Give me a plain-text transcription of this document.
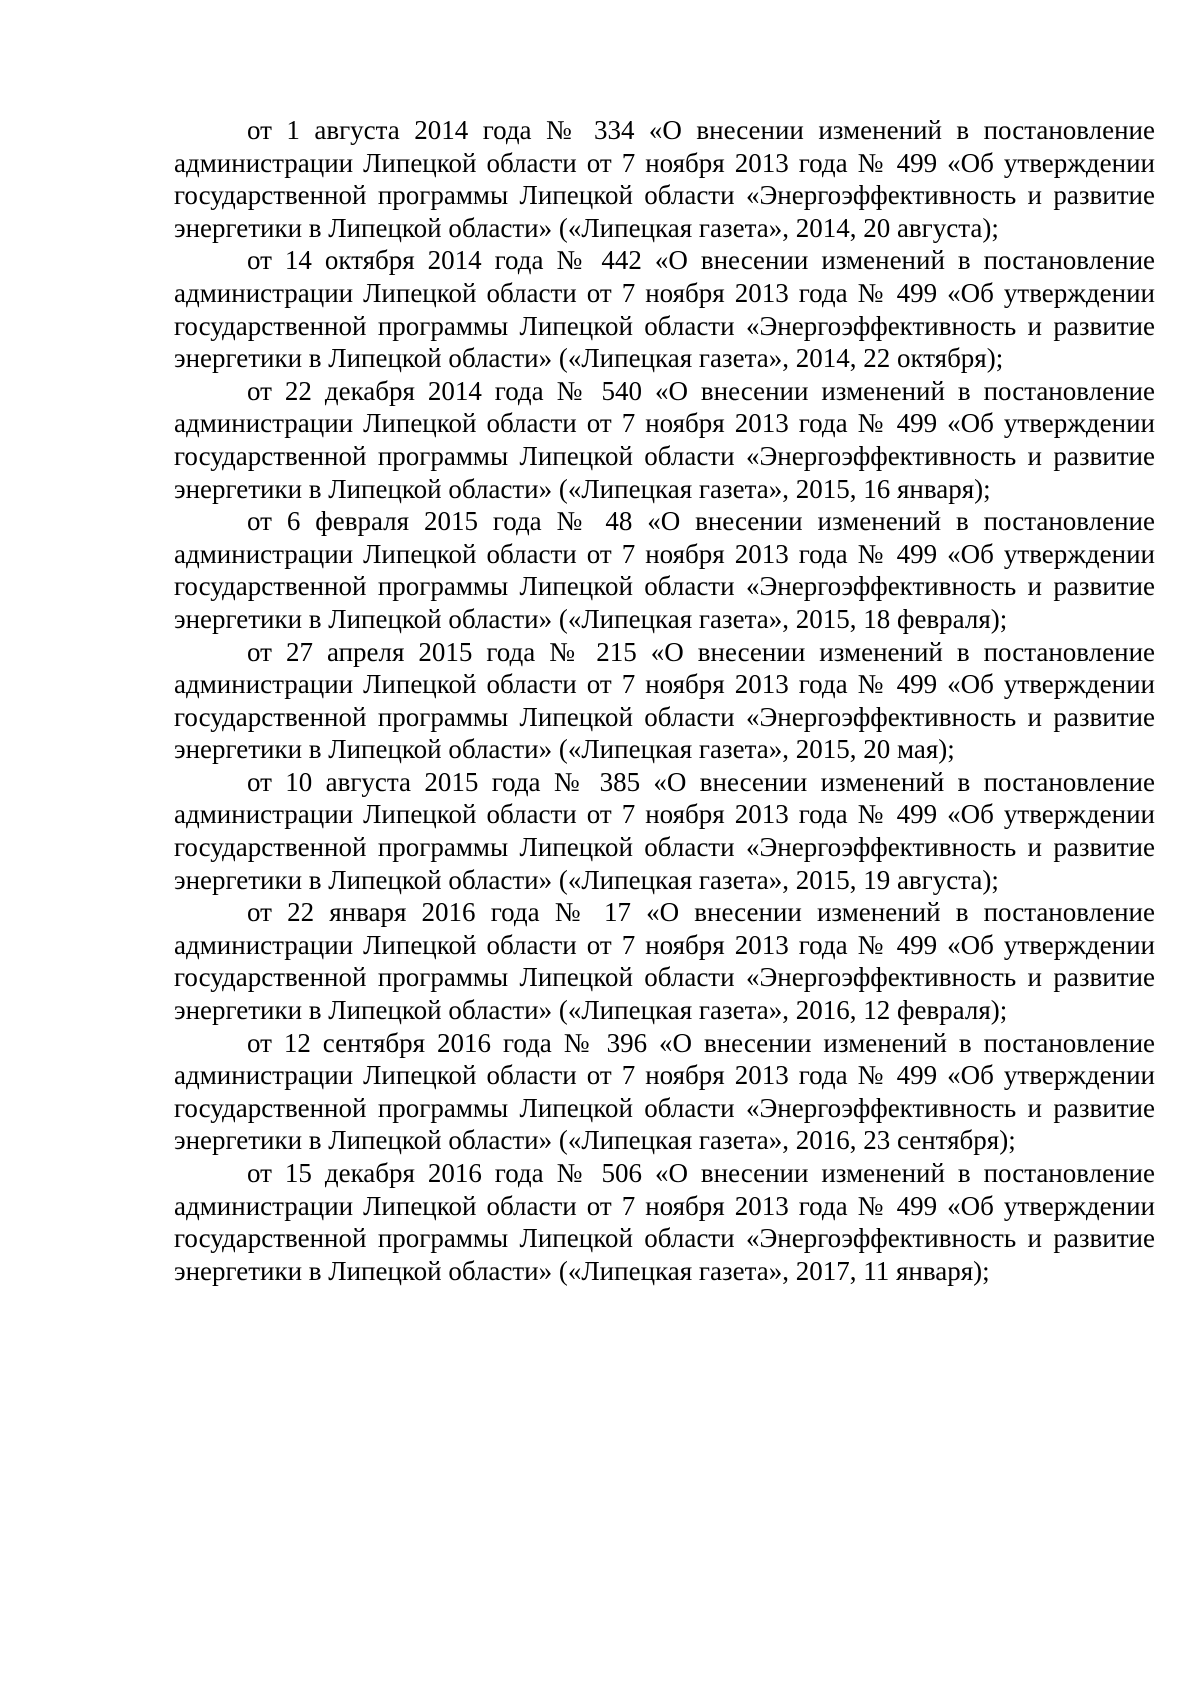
от 1 августа 2014 года № 334 «О внесении изменений в постановление администрации Липецкой области от 7 ноября 2013 года № 499 «Об утверждении государственной программы Липецкой области «Энергоэффективность и развитие энергетики в Липецкой области» («Липецкая газета», 2014, 20 августа);

от 14 октября 2014 года № 442 «О внесении изменений в постановление администрации Липецкой области от 7 ноября 2013 года № 499 «Об утверждении государственной программы Липецкой области «Энергоэффективность и развитие энергетики в Липецкой области» («Липецкая газета», 2014, 22 октября);

от 22 декабря 2014 года № 540 «О внесении изменений в постановление администрации Липецкой области от 7 ноября 2013 года № 499 «Об утверждении государственной программы Липецкой области «Энергоэффективность и развитие энергетики в Липецкой области» («Липецкая газета», 2015, 16 января);

от 6 февраля 2015 года № 48 «О внесении изменений в постановление администрации Липецкой области от 7 ноября 2013 года № 499 «Об утверждении государственной программы Липецкой области «Энергоэффективность и развитие энергетики в Липецкой области» («Липецкая газета», 2015, 18 февраля);

от 27 апреля 2015 года № 215 «О внесении изменений в постановление администрации Липецкой области от 7 ноября 2013 года № 499 «Об утверждении государственной программы Липецкой области «Энергоэффективность и развитие энергетики в Липецкой области» («Липецкая газета», 2015, 20 мая);

от 10 августа 2015 года № 385 «О внесении изменений в постановление администрации Липецкой области от 7 ноября 2013 года № 499 «Об утверждении государственной программы Липецкой области «Энергоэффективность и развитие энергетики в Липецкой области» («Липецкая газета», 2015, 19 августа);

от 22 января 2016 года № 17 «О внесении изменений в постановление администрации Липецкой области от 7 ноября 2013 года № 499 «Об утверждении государственной программы Липецкой области «Энергоэффективность и развитие энергетики в Липецкой области» («Липецкая газета», 2016, 12 февраля);

от 12 сентября 2016 года № 396 «О внесении изменений в постановление администрации Липецкой области от 7 ноября 2013 года № 499 «Об утверждении государственной программы Липецкой области «Энергоэффективность и развитие энергетики в Липецкой области» («Липецкая газета», 2016, 23 сентября);

от 15 декабря 2016 года № 506 «О внесении изменений в постановление администрации Липецкой области от 7 ноября 2013 года № 499 «Об утверждении государственной программы Липецкой области «Энергоэффективность и развитие энергетики в Липецкой области» («Липецкая газета», 2017, 11 января);
